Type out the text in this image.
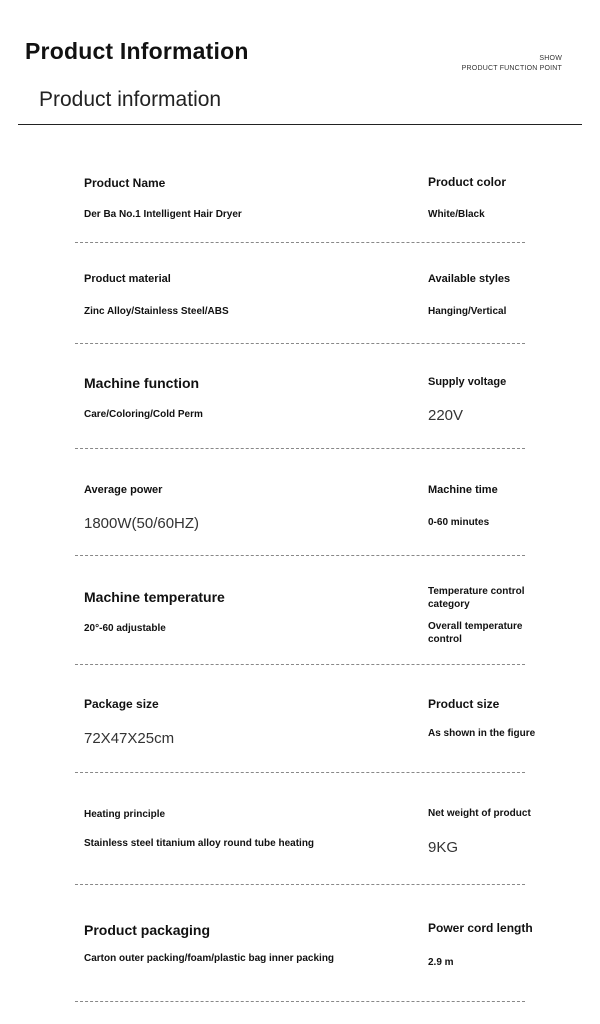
Product Information	SHOW
PRODUCT FUNCTION POINT
Product information
Product Name
Der Ba No.1 Intelligent Hair Dryer
Product color
White/Black
Product material
Zinc Alloy/Stainless Steel/ABS
Available styles
Hanging/Vertical
Machine function
Care/Coloring/Cold Perm
Supply voltage
220V
Average power
1800W(50/60HZ)
Machine time
0-60 minutes
Machine temperature
20°-60 adjustable
Temperature control category
Overall temperature control
Package size
72X47X25cm
Product size
As shown in the figure
Heating principle
Stainless steel titanium alloy round tube heating
Net weight of product
9KG
Product packaging
Carton outer packing/foam/plastic bag inner packing
Power cord length
2.9 m
